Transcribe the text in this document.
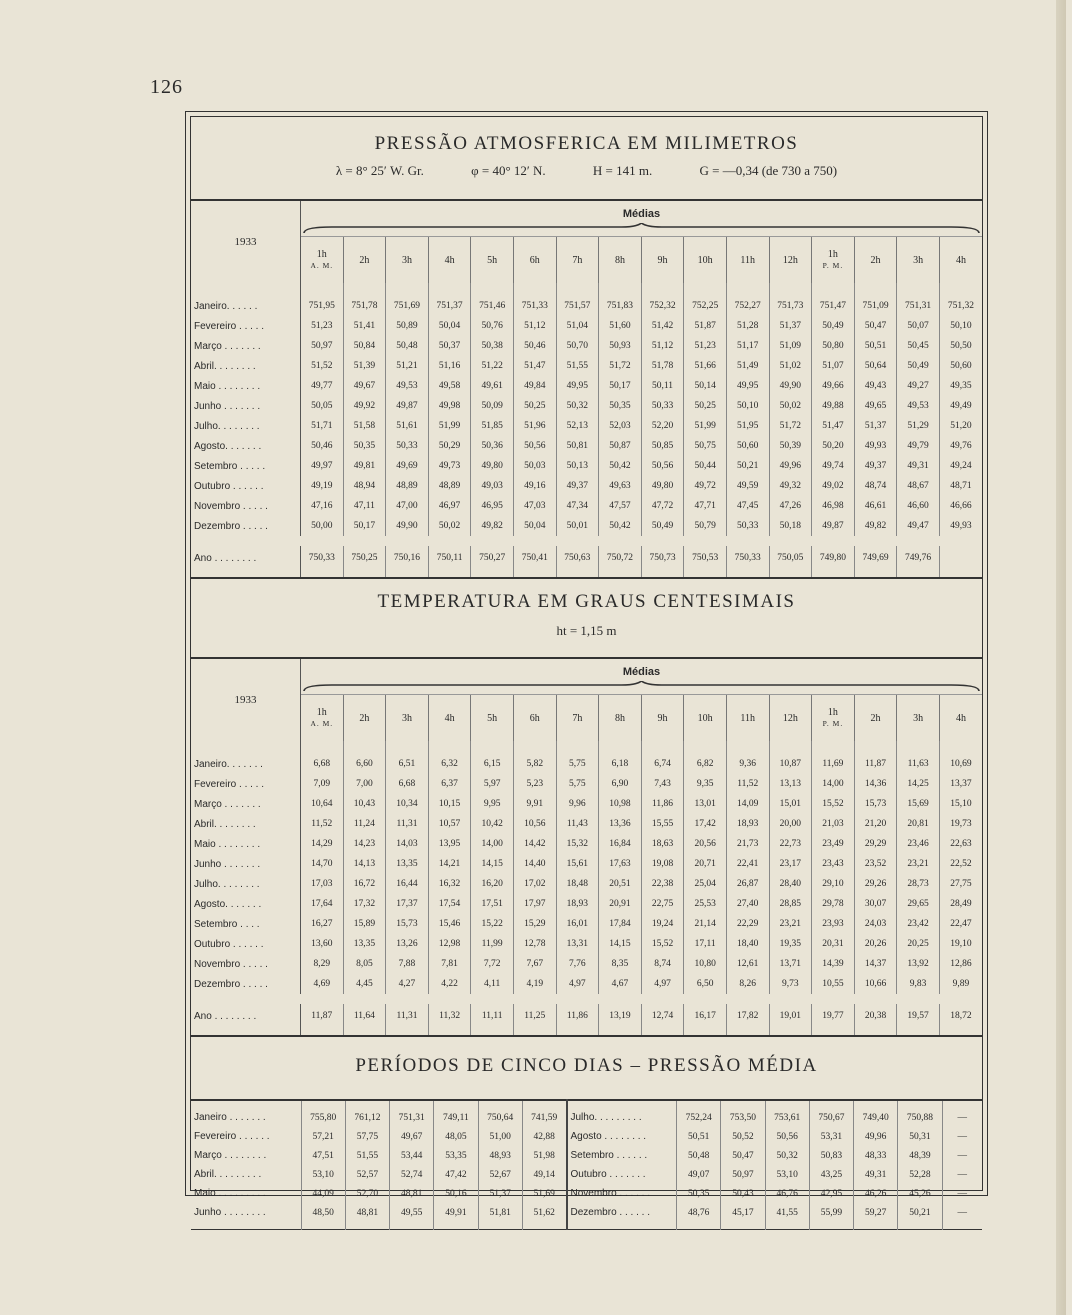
126
PRESSÃO ATMOSFERICA EM MILIMETROS
λ = 8° 25′ W. Gr.	φ = 40° 12′ N.	H = 141 m.	G = —0,34 (de 730 a 750)
1933	Médias															

	1h
A. M.	2h	3h	4h	5h	6h	7h	8h	9h	10h	11h	12h	1h
P. M.	2h	3h	4h
Janeiro. . . . . .	751,95	751,78	751,69	751,37	751,46	751,33	751,57	751,83	752,32	752,25	752,27	751,73	751,47	751,09	751,31	751,32
Fevereiro . . . . .	51,23	51,41	50,89	50,04	50,76	51,12	51,04	51,60	51,42	51,87	51,28	51,37	50,49	50,47	50,07	50,10
Março . . . . . . .	50,97	50,84	50,48	50,37	50,38	50,46	50,70	50,93	51,12	51,23	51,17	51,09	50,80	50,51	50,45	50,50
Abril. . . . . . . .	51,52	51,39	51,21	51,16	51,22	51,47	51,55	51,72	51,78	51,66	51,49	51,02	51,07	50,64	50,49	50,60
Maio . . . . . . . .	49,77	49,67	49,53	49,58	49,61	49,84	49,95	50,17	50,11	50,14	49,95	49,90	49,66	49,43	49,27	49,35
Junho . . . . . . .	50,05	49,92	49,87	49,98	50,09	50,25	50,32	50,35	50,33	50,25	50,10	50,02	49,88	49,65	49,53	49,49
Julho. . . . . . . .	51,71	51,58	51,61	51,99	51,85	51,96	52,13	52,03	52,20	51,99	51,95	51,72	51,47	51,37	51,29	51,20
Agosto. . . . . . .	50,46	50,35	50,33	50,29	50,36	50,56	50,81	50,87	50,85	50,75	50,60	50,39	50,20	49,93	49,79	49,76
Setembro . . . . .	49,97	49,81	49,69	49,73	49,80	50,03	50,13	50,42	50,56	50,44	50,21	49,96	49,74	49,37	49,31	49,24
Outubro . . . . . .	49,19	48,94	48,89	48,89	49,03	49,16	49,37	49,63	49,80	49,72	49,59	49,32	49,02	48,74	48,67	48,71
Novembro . . . . .	47,16	47,11	47,00	46,97	46,95	47,03	47,34	47,57	47,72	47,71	47,45	47,26	46,98	46,61	46,60	46,66
Dezembro . . . . .	50,00	50,17	49,90	50,02	49,82	50,04	50,01	50,42	50,49	50,79	50,33	50,18	49,87	49,82	49,47	49,93

Ano . . . . . . . .	750,33	750,25	750,16	750,11	750,27	750,41	750,63	750,72	750,73	750,53	750,33	750,05	749,80	749,69	749,76	
TEMPERATURA EM GRAUS CENTESIMAIS
ht = 1,15 m
1933	Médias															

	1h
A. M.	2h	3h	4h	5h	6h	7h	8h	9h	10h	11h	12h	1h
P. M.	2h	3h	4h
Janeiro. . . . . . .	6,68	6,60	6,51	6,32	6,15	5,82	5,75	6,18	6,74	6,82	9,36	10,87	11,69	11,87	11,63	10,69
Fevereiro . . . . .	7,09	7,00	6,68	6,37	5,97	5,23	5,75	6,90	7,43	9,35	11,52	13,13	14,00	14,36	14,25	13,37
Março . . . . . . .	10,64	10,43	10,34	10,15	9,95	9,91	9,96	10,98	11,86	13,01	14,09	15,01	15,52	15,73	15,69	15,10
Abril. . . . . . . .	11,52	11,24	11,31	10,57	10,42	10,56	11,43	13,36	15,55	17,42	18,93	20,00	21,03	21,20	20,81	19,73
Maio . . . . . . . .	14,29	14,23	14,03	13,95	14,00	14,42	15,32	16,84	18,63	20,56	21,73	22,73	23,49	29,29	23,46	22,63
Junho . . . . . . .	14,70	14,13	13,35	14,21	14,15	14,40	15,61	17,63	19,08	20,71	22,41	23,17	23,43	23,52	23,21	22,52
Julho. . . . . . . .	17,03	16,72	16,44	16,32	16,20	17,02	18,48	20,51	22,38	25,04	26,87	28,40	29,10	29,26	28,73	27,75
Agosto. . . . . . .	17,64	17,32	17,37	17,54	17,51	17,97	18,93	20,91	22,75	25,53	27,40	28,85	29,78	30,07	29,65	28,49
Setembro . . . .	16,27	15,89	15,73	15,46	15,22	15,29	16,01	17,84	19,24	21,14	22,29	23,21	23,93	24,03	23,42	22,47
Outubro . . . . . .	13,60	13,35	13,26	12,98	11,99	12,78	13,31	14,15	15,52	17,11	18,40	19,35	20,31	20,26	20,25	19,10
Novembro . . . . .	8,29	8,05	7,88	7,81	7,72	7,67	7,76	8,35	8,74	10,80	12,61	13,71	14,39	14,37	13,92	12,86
Dezembro . . . . .	4,69	4,45	4,27	4,22	4,11	4,19	4,97	4,67	4,97	6,50	8,26	9,73	10,55	10,66	9,83	9,89

Ano . . . . . . . .	11,87	11,64	11,31	11,32	11,11	11,25	11,86	13,19	12,74	16,17	17,82	19,01	19,77	20,38	19,57	18,72
PERÍODOS DE CINCO DIAS – PRESSÃO MÉDIA
Janeiro . . . . . . .	755,80	761,12	751,31	749,11	750,64	741,59	Julho. . . . . . . . .	752,24	753,50	753,61	750,67	749,40	750,88	—
Fevereiro . . . . . .	57,21	57,75	49,67	48,05	51,00	42,88	Agosto . . . . . . . .	50,51	50,52	50,56	53,31	49,96	50,31	—
Março . . . . . . . .	47,51	51,55	53,44	53,35	48,93	51,98	Setembro . . . . . .	50,48	50,47	50,32	50,83	48,33	48,39	—
Abril. . . . . . . . .	53,10	52,57	52,74	47,42	52,67	49,14	Outubro . . . . . . .	49,07	50,97	53,10	43,25	49,31	52,28	—
Maio . . . . . . . . .	44,09	52,70	48,81	50,16	51,37	51,69	Novembro . . . . . .	50,35	50,43	46,76	42,95	46,26	45,26	—
Junho . . . . . . . .	48,50	48,81	49,55	49,91	51,81	51,62	Dezembro . . . . . .	48,76	45,17	41,55	55,99	59,27	50,21	—
